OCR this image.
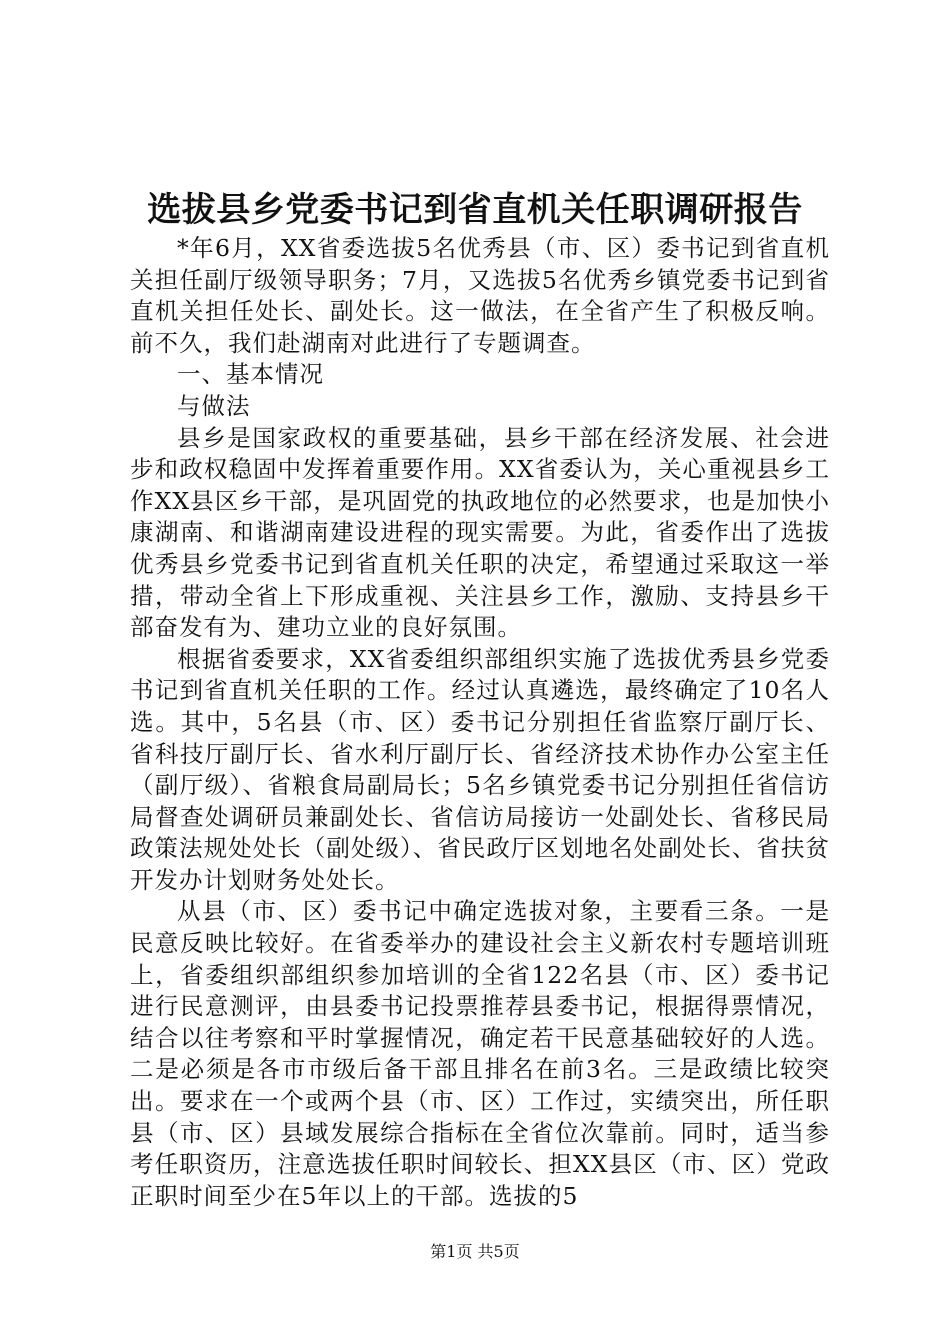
选拔县乡党委书记到省直机关任职调研报告

*年6月，XX省委选拔5名优秀县（市、区）委书记到省直机关担任副厅级领导职务；7月，又选拔5名优秀乡镇党委书记到省直机关担任处长、副处长。这一做法，在全省产生了积极反响。前不久，我们赴湖南对此进行了专题调查。

一、基本情况

与做法

县乡是国家政权的重要基础，县乡干部在经济发展、社会进步和政权稳固中发挥着重要作用。XX省委认为，关心重视县乡工作XX县区乡干部，是巩固党的执政地位的必然要求，也是加快小康湖南、和谐湖南建设进程的现实需要。为此，省委作出了选拔优秀县乡党委书记到省直机关任职的决定，希望通过采取这一举措，带动全省上下形成重视、关注县乡工作，激励、支持县乡干部奋发有为、建功立业的良好氛围。

根据省委要求，XX省委组织部组织实施了选拔优秀县乡党委书记到省直机关任职的工作。经过认真遴选，最终确定了10名人选。其中，5名县（市、区）委书记分别担任省监察厅副厅长、省科技厅副厅长、省水利厅副厅长、省经济技术协作办公室主任（副厅级）、省粮食局副局长；5名乡镇党委书记分别担任省信访局督查处调研员兼副处长、省信访局接访一处副处长、省移民局政策法规处处长（副处级）、省民政厅区划地名处副处长、省扶贫开发办计划财务处处长。

从县（市、区）委书记中确定选拔对象，主要看三条。一是民意反映比较好。在省委举办的建设社会主义新农村专题培训班上，省委组织部组织参加培训的全省122名县（市、区）委书记进行民意测评，由县委书记投票推荐县委书记，根据得票情况，结合以往考察和平时掌握情况，确定若干民意基础较好的人选。二是必须是各市市级后备干部且排名在前3名。三是政绩比较突出。要求在一个或两个县（市、区）工作过，实绩突出，所任职县（市、区）县域发展综合指标在全省位次靠前。同时，适当参考任职资历，注意选拔任职时间较长、担XX县区（市、区）党政正职时间至少在5年以上的干部。选拔的5

第1页 共5页
